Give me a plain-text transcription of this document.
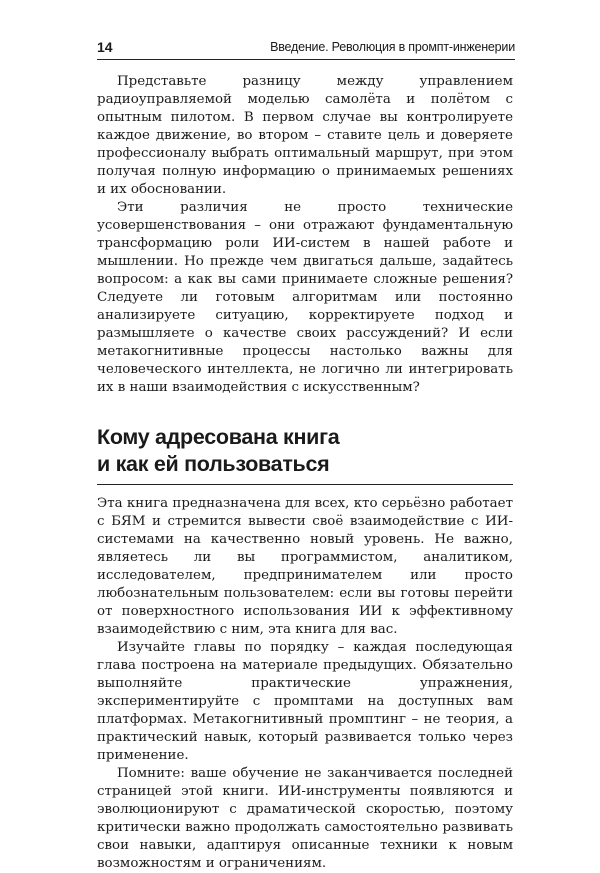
14	Введение. Революция в промпт-инженерии

Представьте разницу между управлением радиоуправляемой моделью самолёта и полётом с опытным пилотом. В первом случае вы контролируете каждое движение, во втором – ставите цель и доверяете профессионалу выбрать оптимальный маршрут, при этом получая полную информацию о принимаемых решениях и их обосновании.

Эти различия не просто технические усовершенствования – они отражают фундаментальную трансформацию роли ИИ-систем в нашей работе и мышлении. Но прежде чем двигаться дальше, задайтесь вопросом: а как вы сами принимаете сложные решения? Следуете ли готовым алгоритмам или постоянно анализируете ситуацию, корректируете подход и размышляете о качестве своих рассуждений? И если метакогнитивные процессы настолько важны для человеческого интеллекта, не логично ли интегрировать их в наши взаимодействия с искусственным?

Кому адресована книга
и как ей пользоваться

Эта книга предназначена для всех, кто серьёзно работает с БЯМ и стремится вывести своё взаимодействие с ИИ-системами на качественно новый уровень. Не важно, являетесь ли вы программистом, аналитиком, исследователем, предпринимателем или просто любознательным пользователем: если вы готовы перейти от поверхностного использования ИИ к эффективному взаимодействию с ним, эта книга для вас.

Изучайте главы по порядку – каждая последующая глава построена на материале предыдущих. Обязательно выполняйте практические упражнения, экспериментируйте с промптами на доступных вам платформах. Метакогнитивный промптинг – не теория, а практический навык, который развивается только через применение.

Помните: ваше обучение не заканчивается последней страницей этой книги. ИИ-инструменты появляются и эволюционируют с драматической скоростью, поэтому критически важно продолжать самостоятельно развивать свои навыки, адаптируя описанные техники к новым возможностям и ограничениям.
